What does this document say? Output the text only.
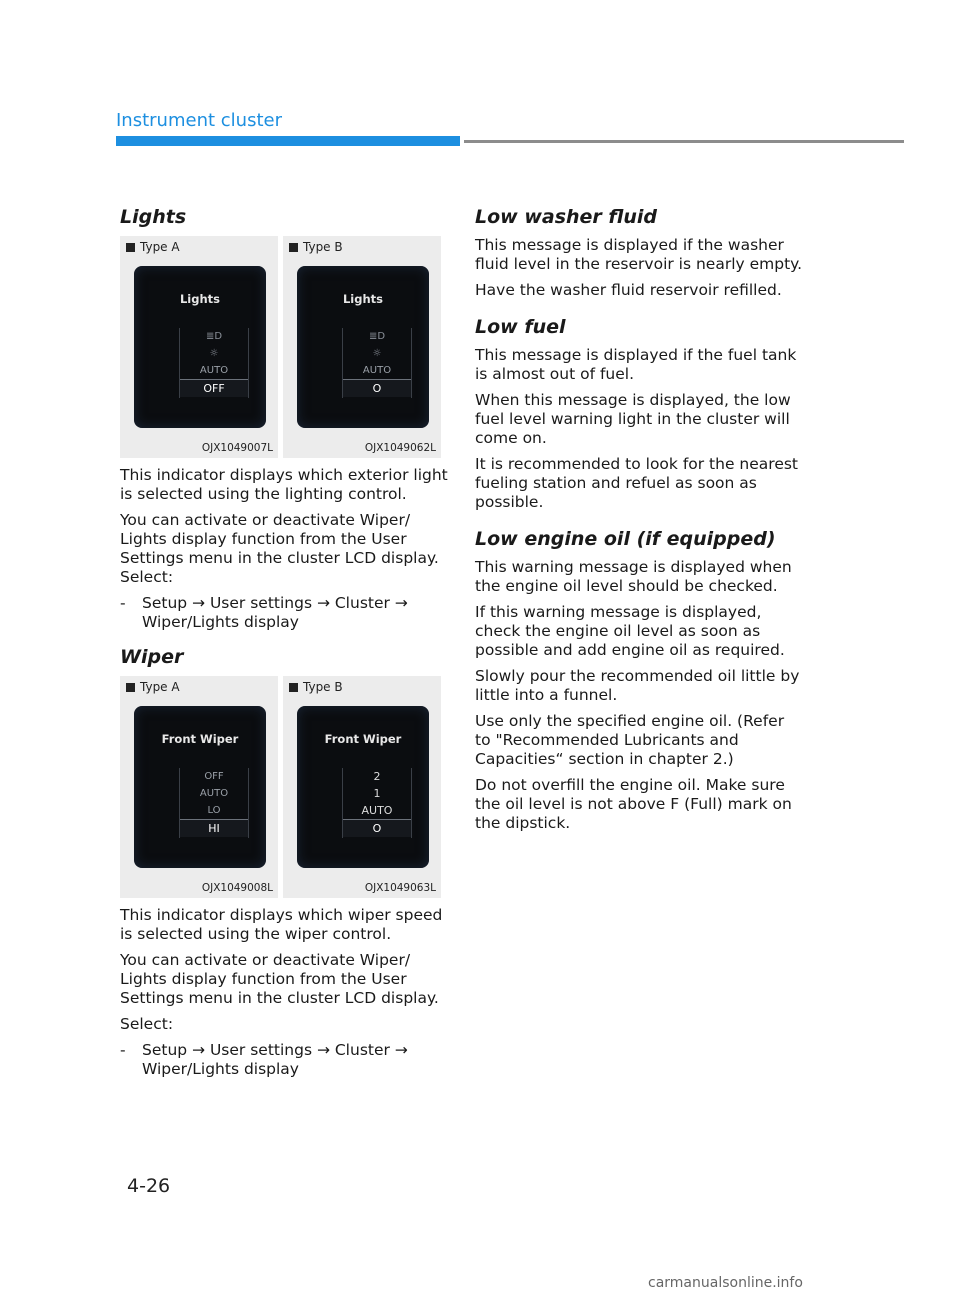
Instrument cluster
Lights
Type A
Lights
≣D
☼
AUTO
OFF
OJX1049007L
Type B
Lights
≣D
☼
AUTO
O
OJX1049062L

This indicator displays which exterior light is selected using the lighting control.

You can activate or deactivate Wiper/ Lights display function from the User Settings menu in the cluster LCD display. Select:

-	Setup → User settings → Cluster → Wiper/Lights display
Wiper
Type A
Front Wiper
OFF
AUTO
LO
HI
OJX1049008L
Type B
Front Wiper
2
1
AUTO
O
OJX1049063L

This indicator displays which wiper speed is selected using the wiper control.

You can activate or deactivate Wiper/ Lights display function from the User Settings menu in the cluster LCD display.

Select:

-	Setup → User settings → Cluster → Wiper/Lights display
Low washer fluid

This message is displayed if the washer fluid level in the reservoir is nearly empty.

Have the washer fluid reservoir refilled.

Low fuel

This message is displayed if the fuel tank is almost out of fuel.

When this message is displayed, the low fuel level warning light in the cluster will come on.

It is recommended to look for the nearest fueling station and refuel as soon as possible.

Low engine oil (if equipped)

This warning message is displayed when the engine oil level should be checked.

If this warning message is displayed, check the engine oil level as soon as possible and add engine oil as required.

Slowly pour the recommended oil little by little into a funnel.

Use only the specified engine oil. (Refer to "Recommended Lubricants and Capacities“ section in chapter 2.)

Do not overfill the engine oil. Make sure the oil level is not above F (Full) mark on the dipstick.

4-26
carmanualsonline.info
